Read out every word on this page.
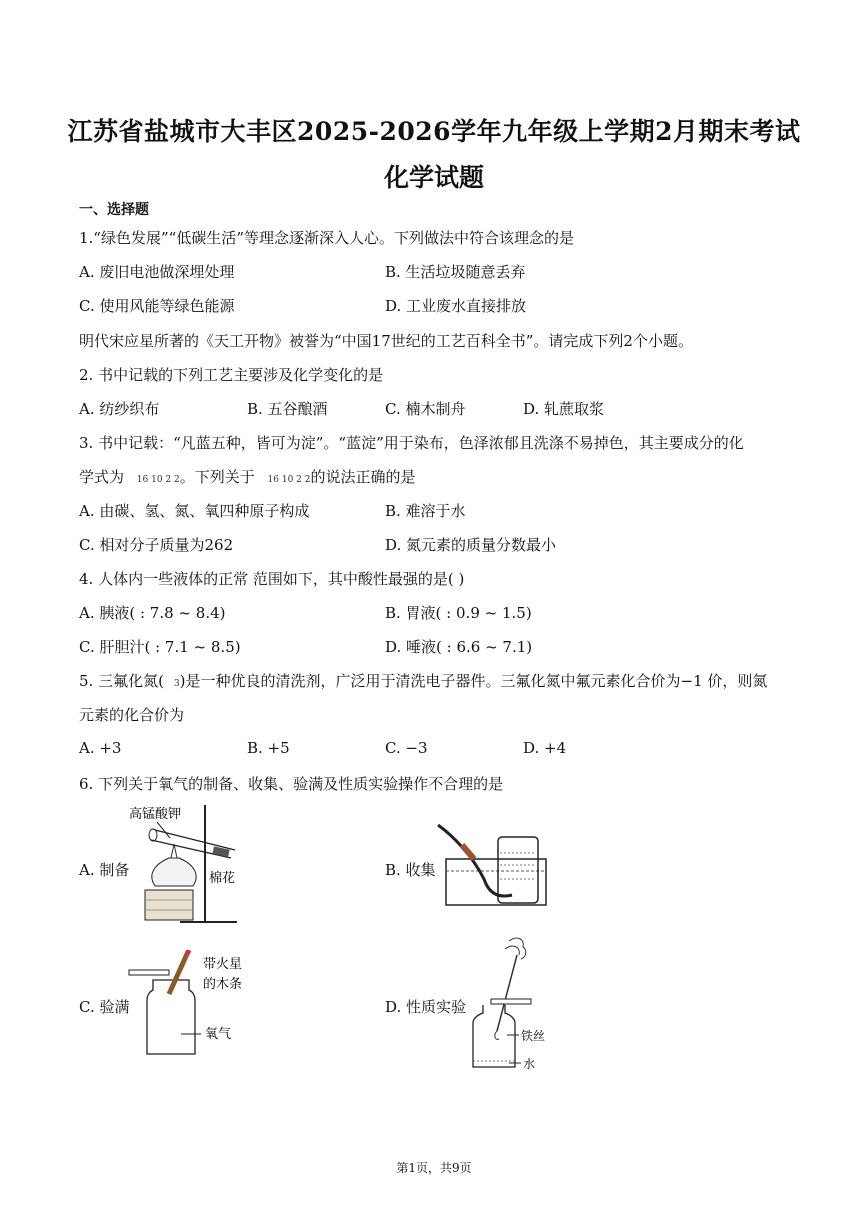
江苏省盐城市大丰区2025-2026学年九年级上学期2月期末考试
化学试题
一、选择题
1.“绿色发展”“低碳生活”等理念逐渐深入人心。下列做法中符合该理念的是
A. 废旧电池做深埋处理	B. 生活垃圾随意丢弃
C. 使用风能等绿色能源	D. 工业废水直接排放
明代宋应星所著的《天工开物》被誉为“中国17世纪的工艺百科全书”。请完成下列2个小题。
2. 书中记载的下列工艺主要涉及化学变化的是
A. 纺纱织布	B. 五谷酿酒	C. 楠木制舟	D. 轧蔗取浆
3. 书中记载：“凡蓝五种，皆可为淀”。“蓝淀”用于染布，色泽浓郁且洗涤不易掉色，其主要成分的化
学式为 16 10 2 2。下列关于 16 10 2 2的说法正确的是
A. 由碳、氢、氮、氧四种原子构成	B. 难溶于水
C. 相对分子质量为262	D. 氮元素的质量分数最小
4. 人体内一些液体的正常 范围如下，其中酸性最强的是( )
A. 胰液( : 7.8 ~ 8.4)	B. 胃液( : 0.9 ~ 1.5)
C. 肝胆汁( : 7.1 ~ 8.5)	D. 唾液( : 6.6 ~ 7.1)
5. 三氟化氮( 3)是一种优良的清洗剂，广泛用于清洗电子器件。三氟化氮中氟元素化合价为−1 价，则氮
元素的化合价为
A. +3	B. +5	C. −3	D. +4
6. 下列关于氧气的制备、收集、验满及性质实验操作不合理的是
A. 制备	B. 收集
C. 验满	D. 性质实验
高锰酸钾
棉花
带火星
的木条
氧气	铁丝
水
第1页，共9页
